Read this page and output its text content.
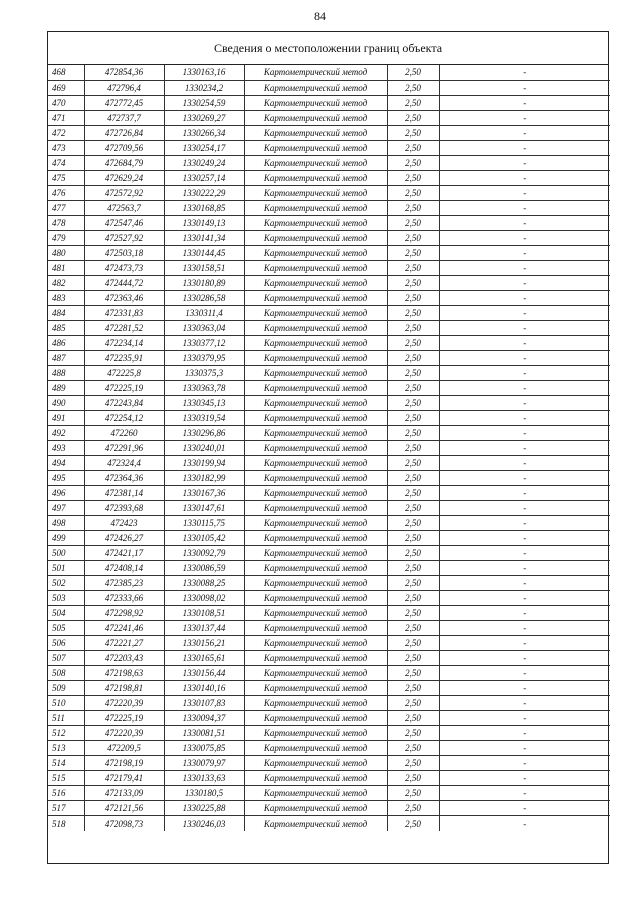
84
Сведения о местоположении границ объекта
468	472854,36	1330163,16	Картометрический метод	2,50	-
469	472796,4	1330234,2	Картометрический метод	2,50	-
470	472772,45	1330254,59	Картометрический метод	2,50	-
471	472737,7	1330269,27	Картометрический метод	2,50	-
472	472726,84	1330266,34	Картометрический метод	2,50	-
473	472709,56	1330254,17	Картометрический метод	2,50	-
474	472684,79	1330249,24	Картометрический метод	2,50	-
475	472629,24	1330257,14	Картометрический метод	2,50	-
476	472572,92	1330222,29	Картометрический метод	2,50	-
477	472563,7	1330168,85	Картометрический метод	2,50	-
478	472547,46	1330149,13	Картометрический метод	2,50	-
479	472527,92	1330141,34	Картометрический метод	2,50	-
480	472503,18	1330144,45	Картометрический метод	2,50	-
481	472473,73	1330158,51	Картометрический метод	2,50	-
482	472444,72	1330180,89	Картометрический метод	2,50	-
483	472363,46	1330286,58	Картометрический метод	2,50	-
484	472331,83	1330311,4	Картометрический метод	2,50	-
485	472281,52	1330363,04	Картометрический метод	2,50	-
486	472234,14	1330377,12	Картометрический метод	2,50	-
487	472235,91	1330379,95	Картометрический метод	2,50	-
488	472225,8	1330375,3	Картометрический метод	2,50	-
489	472225,19	1330363,78	Картометрический метод	2,50	-
490	472243,84	1330345,13	Картометрический метод	2,50	-
491	472254,12	1330319,54	Картометрический метод	2,50	-
492	472260	1330296,86	Картометрический метод	2,50	-
493	472291,96	1330240,01	Картометрический метод	2,50	-
494	472324,4	1330199,94	Картометрический метод	2,50	-
495	472364,36	1330182,99	Картометрический метод	2,50	-
496	472381,14	1330167,36	Картометрический метод	2,50	-
497	472393,68	1330147,61	Картометрический метод	2,50	-
498	472423	1330115,75	Картометрический метод	2,50	-
499	472426,27	1330105,42	Картометрический метод	2,50	-
500	472421,17	1330092,79	Картометрический метод	2,50	-
501	472408,14	1330086,59	Картометрический метод	2,50	-
502	472385,23	1330088,25	Картометрический метод	2,50	-
503	472333,66	1330098,02	Картометрический метод	2,50	-
504	472298,92	1330108,51	Картометрический метод	2,50	-
505	472241,46	1330137,44	Картометрический метод	2,50	-
506	472221,27	1330156,21	Картометрический метод	2,50	-
507	472203,43	1330165,61	Картометрический метод	2,50	-
508	472198,63	1330156,44	Картометрический метод	2,50	-
509	472198,81	1330140,16	Картометрический метод	2,50	-
510	472220,39	1330107,83	Картометрический метод	2,50	-
511	472225,19	1330094,37	Картометрический метод	2,50	-
512	472220,39	1330081,51	Картометрический метод	2,50	-
513	472209,5	1330075,85	Картометрический метод	2,50	-
514	472198,19	1330079,97	Картометрический метод	2,50	-
515	472179,41	1330133,63	Картометрический метод	2,50	-
516	472133,09	1330180,5	Картометрический метод	2,50	-
517	472121,56	1330225,88	Картометрический метод	2,50	-
518	472098,73	1330246,03	Картометрический метод	2,50	-
